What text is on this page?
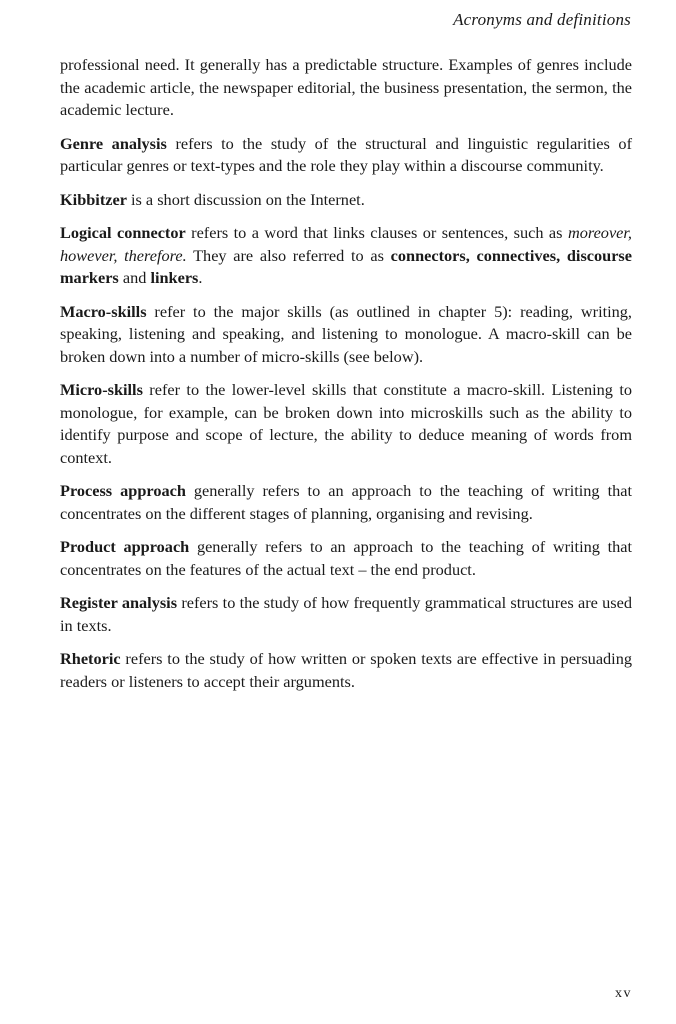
Acronyms and definitions

professional need. It generally has a predictable structure. Examples of genres include the academic article, the newspaper editorial, the business presentation, the sermon, the academic lecture.

Genre analysis refers to the study of the structural and linguistic regularities of particular genres or text-types and the role they play within a discourse community.

Kibbitzer is a short discussion on the Internet.

Logical connector refers to a word that links clauses or sentences, such as moreover, however, therefore. They are also referred to as connectors, connectives, discourse markers and linkers.

Macro-skills refer to the major skills (as outlined in chapter 5): reading, writing, speaking, listening and speaking, and listening to monologue. A macro-skill can be broken down into a number of micro-skills (see below).

Micro-skills refer to the lower-level skills that constitute a macro-skill. Listening to monologue, for example, can be broken down into microskills such as the ability to identify purpose and scope of lecture, the ability to deduce meaning of words from context.

Process approach generally refers to an approach to the teaching of writing that concentrates on the different stages of planning, organising and revising.

Product approach generally refers to an approach to the teaching of writing that concentrates on the features of the actual text – the end product.

Register analysis refers to the study of how frequently grammatical structures are used in texts.

Rhetoric refers to the study of how written or spoken texts are effective in persuading readers or listeners to accept their arguments.

xv
